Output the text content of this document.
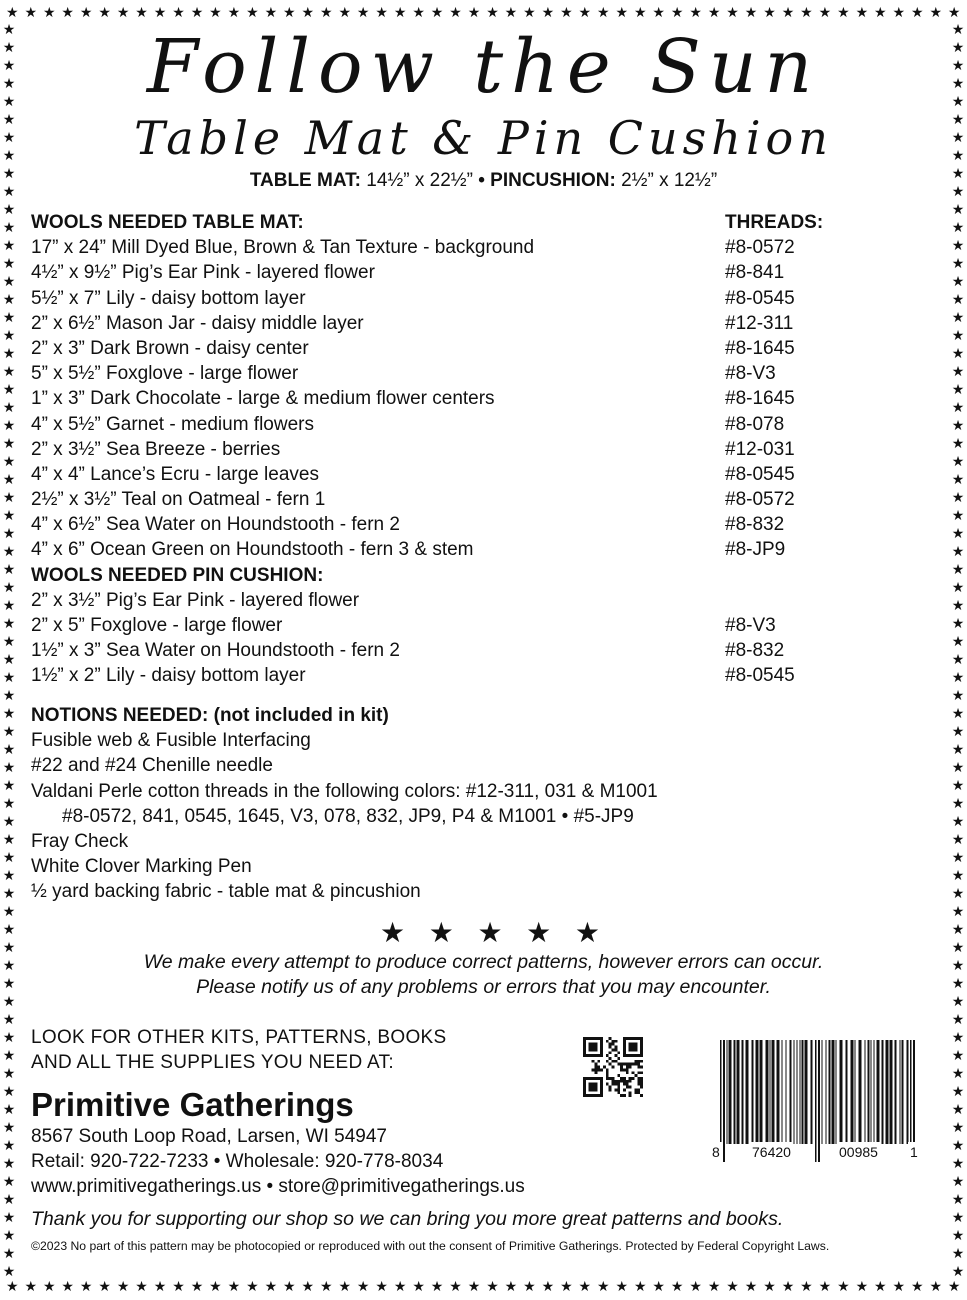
★ ★ ★ ★ ★ ★ ★ ★ ★ ★ ★ ★ ★ ★ ★ ★ ★ ★ ★ ★ ★ ★ ★ ★ ★ ★ ★ ★ ★ ★ ★ ★ ★ ★ ★ ★ ★ ★ ★ ★ ★ ★ ★ ★ ★ ★ ★ ★ ★ ★ ★ ★
★ ★ ★ ★ ★ ★ ★ ★ ★ ★ ★ ★ ★ ★ ★ ★ ★ ★ ★ ★ ★ ★ ★ ★ ★ ★ ★ ★ ★ ★ ★ ★ ★ ★ ★ ★ ★ ★ ★ ★ ★ ★ ★ ★ ★ ★ ★ ★ ★ ★ ★ ★
★
★
★
★
★
★
★
★
★
★
★
★
★
★
★
★
★
★
★
★
★
★
★
★
★
★
★
★
★
★
★
★
★
★
★
★
★
★
★
★
★
★
★
★
★
★
★
★
★
★
★
★
★
★
★
★
★
★
★
★
★
★
★
★
★
★
★
★
★
★
★
★
★
★
★
★
★
★
★
★
★
★
★
★
★
★
★
★
★
★
★
★
★
★
★
★
★
★
★
★
★
★
★
★
★
★
★
★
★
★
★
★
★
★
★
★
★
★
★
★
★
★
★
★
★
★
★
★
★
★
★
★
★
★
★
★
★
★
★
★
Follow the Sun
Table Mat & Pin Cushion
TABLE MAT: 14½” x 22½” • PINCUSHION: 2½” x 12½”
WOOLS NEEDED TABLE MAT:	THREADS:
17” x 24” Mill Dyed Blue, Brown & Tan Texture - background	#8-0572
4½” x 9½” Pig’s Ear Pink - layered flower	#8-841
5½” x 7” Lily - daisy bottom layer	#8-0545
2” x 6½” Mason Jar - daisy middle layer	#12-311
2” x 3” Dark Brown - daisy center	#8-1645
5” x 5½” Foxglove - large flower	#8-V3
1” x 3” Dark Chocolate - large & medium flower centers	#8-1645
4” x 5½” Garnet - medium flowers	#8-078
2” x 3½” Sea Breeze - berries	#12-031
4” x 4” Lance’s Ecru - large leaves	#8-0545
2½” x 3½” Teal on Oatmeal - fern 1	#8-0572
4” x 6½” Sea Water on Houndstooth - fern 2	#8-832
4” x 6” Ocean Green on Houndstooth - fern 3 & stem	#8-JP9
WOOLS NEEDED PIN CUSHION:
2” x 3½” Pig’s Ear Pink - layered flower
2” x 5” Foxglove - large flower	#8-V3
1½” x 3” Sea Water on Houndstooth - fern 2	#8-832
1½” x 2” Lily - daisy bottom layer	#8-0545
NOTIONS NEEDED: (not included in kit)
Fusible web & Fusible Interfacing
#22 and #24 Chenille needle
Valdani Perle cotton threads in the following colors: #12-311, 031 & M1001
#8-0572, 841, 0545, 1645, V3, 078, 832, JP9, P4 & M1001 • #5-JP9
Fray Check
White Clover Marking Pen
½ yard backing fabric - table mat & pincushion
★ ★ ★ ★ ★
We make every attempt to produce correct patterns, however errors can occur.
Please notify us of any problems or errors that you may encounter.
LOOK FOR OTHER KITS, PATTERNS, BOOKS
AND ALL THE SUPPLIES YOU NEED AT:
Primitive Gatherings
8567 South Loop Road, Larsen, WI 54947
Retail: 920-722-7233 • Wholesale: 920-778-8034
www.primitivegatherings.us • store@primitivegatherings.us
8 76420	00985 1
Thank you for supporting our shop so we can bring you more great patterns and books.
©2023 No part of this pattern may be photocopied or reproduced with out the consent of Primitive Gatherings. Protected by Federal Copyright Laws.
